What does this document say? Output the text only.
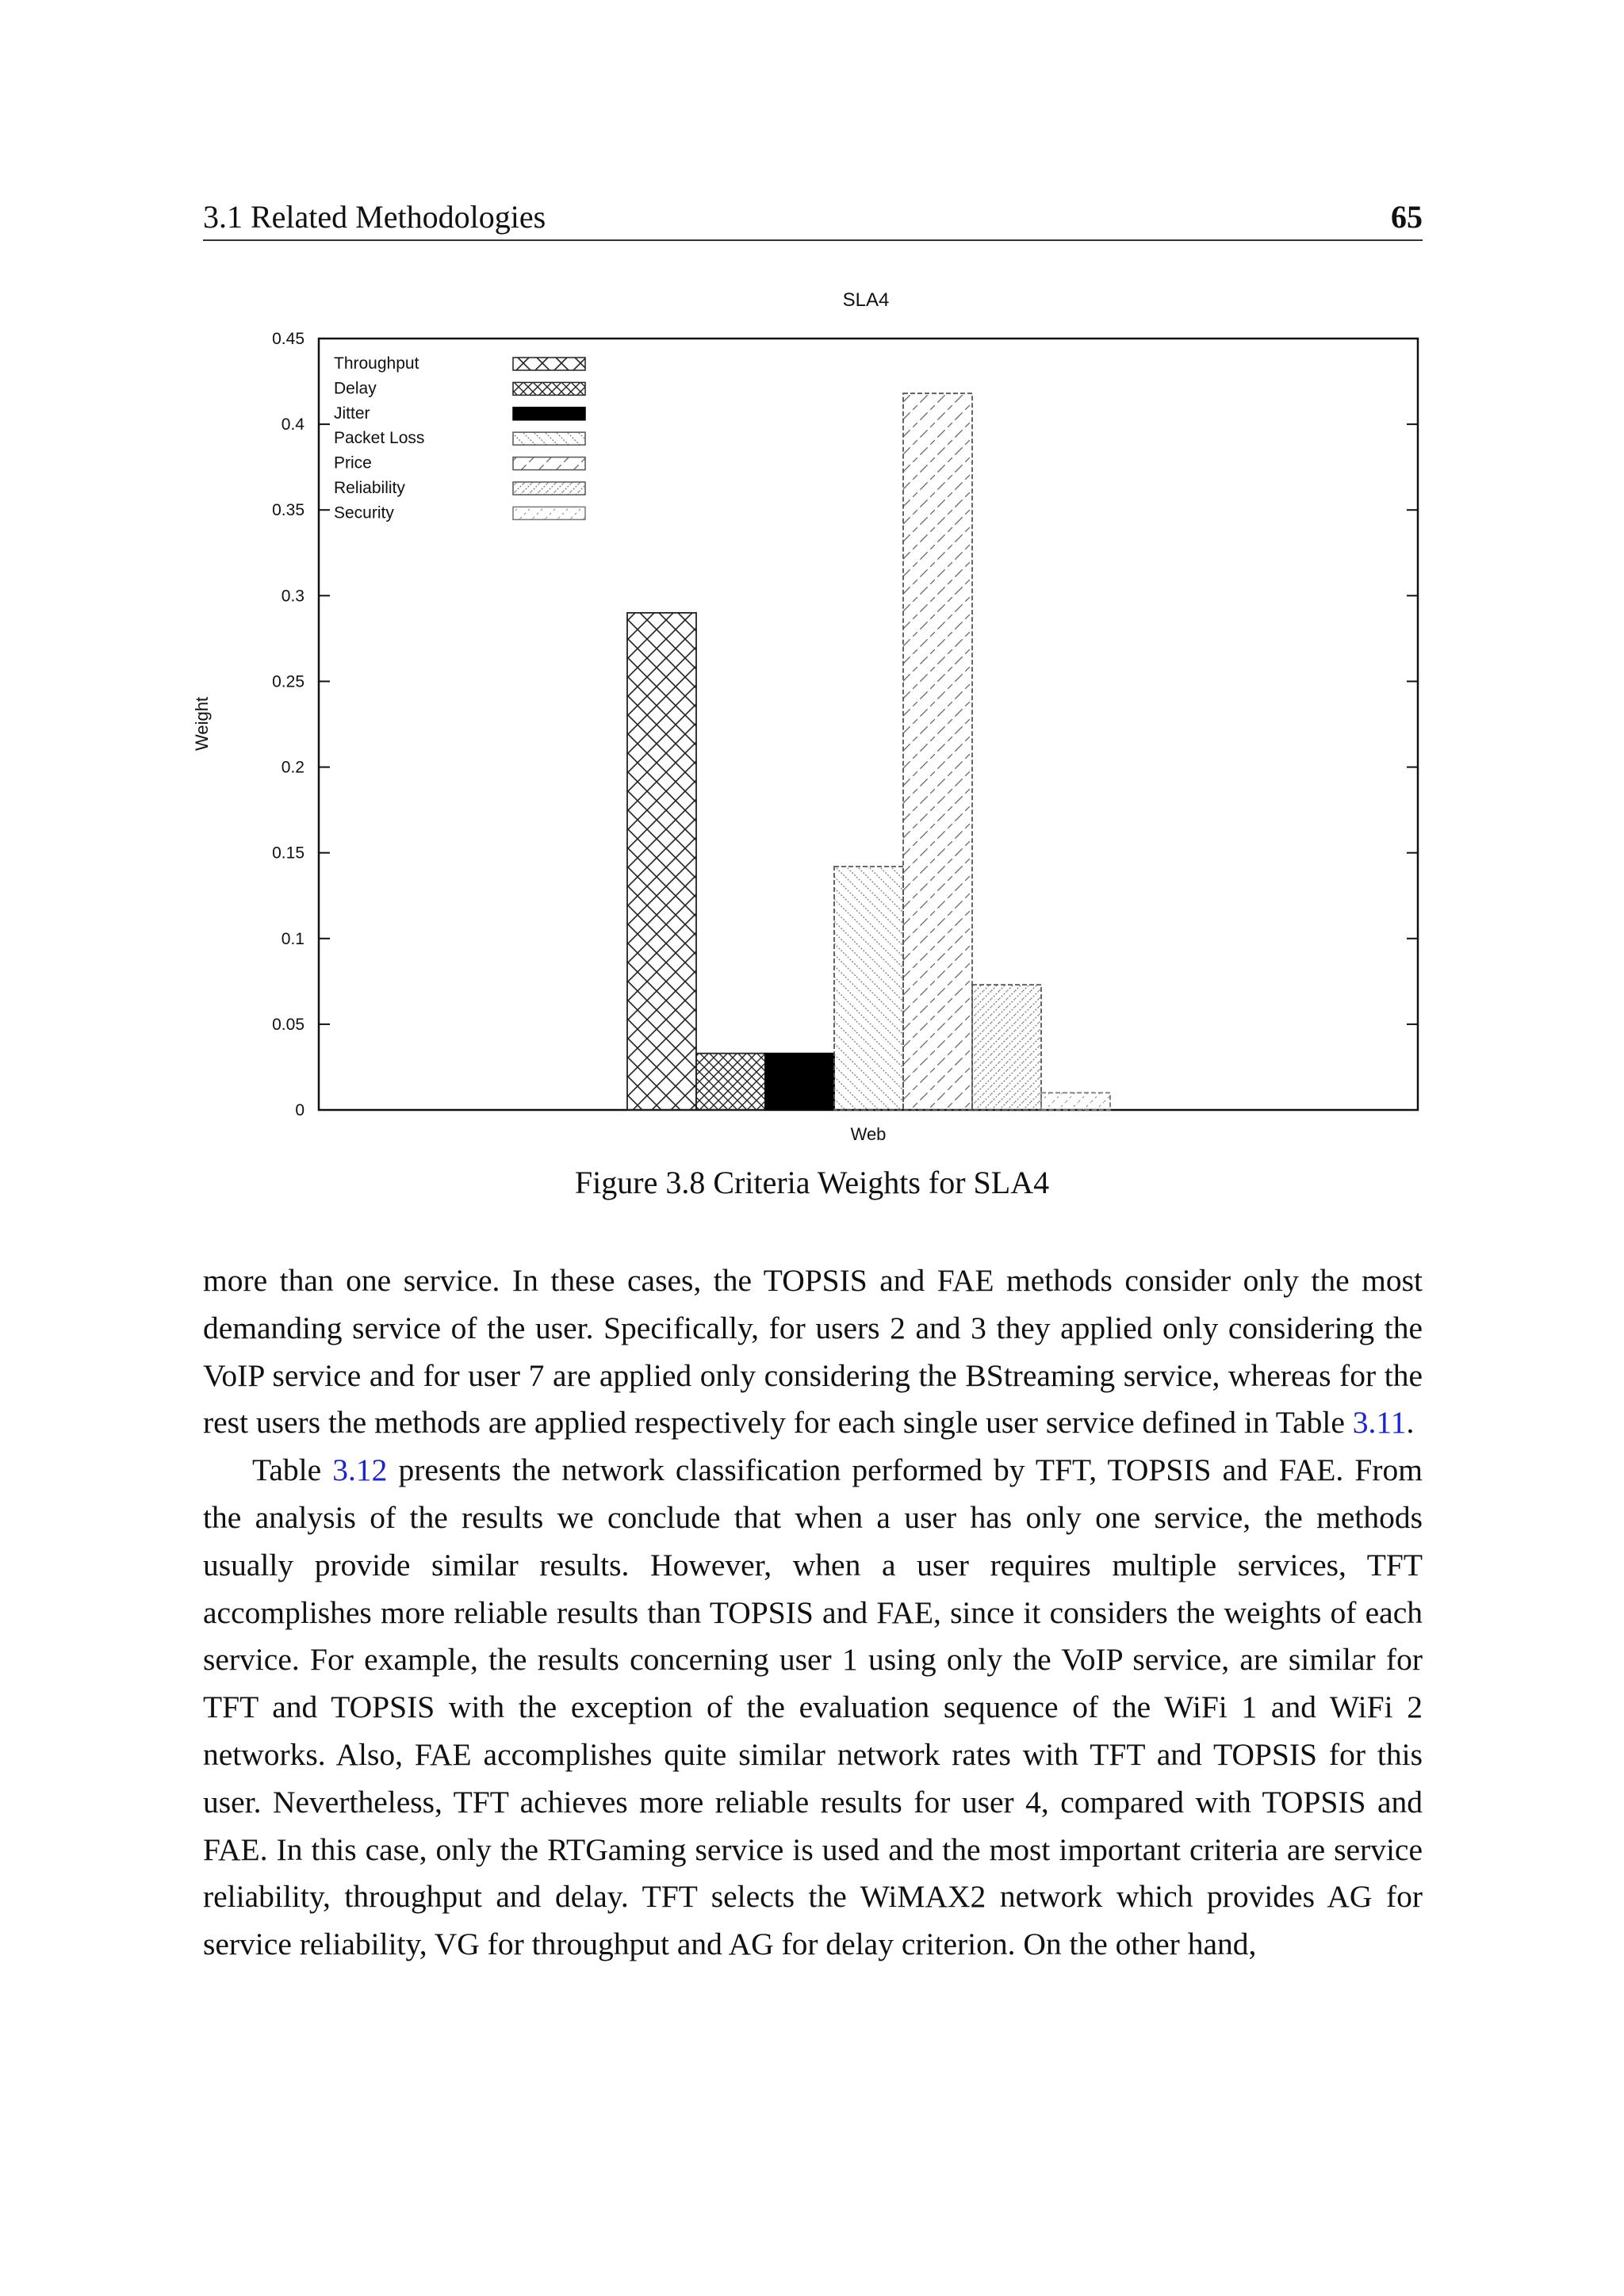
3.1 Related Methodologies	65
SLA4
0
0.05
0.1
0.15
0.2
0.25
0.3
0.35
0.4
0.45
Weight
Web
Throughput
Delay
Jitter
Packet Loss
Price
Reliability
Security
Figure 3.8 Criteria Weights for SLA4

more than one service. In these cases, the TOPSIS and FAE methods consider only the most demanding service of the user. Specifically, for users 2 and 3 they applied only considering the VoIP service and for user 7 are applied only considering the BStreaming service, whereas for the rest users the methods are applied respectively for each single user service defined in Table 3.11.

Table 3.12 presents the network classification performed by TFT, TOPSIS and FAE. From the analysis of the results we conclude that when a user has only one service, the methods usually provide similar results. However, when a user requires multiple services, TFT accomplishes more reliable results than TOPSIS and FAE, since it considers the weights of each service. For example, the results concerning user 1 using only the VoIP service, are similar for TFT and TOPSIS with the exception of the evaluation sequence of the WiFi 1 and WiFi 2 networks. Also, FAE accomplishes quite similar network rates with TFT and TOPSIS for this user. Nevertheless, TFT achieves more reliable results for user 4, compared with TOPSIS and FAE. In this case, only the RTGaming service is used and the most important criteria are service reliability, throughput and delay. TFT selects the WiMAX2 network which provides AG for service reliability, VG for throughput and AG for delay criterion. On the other hand,
